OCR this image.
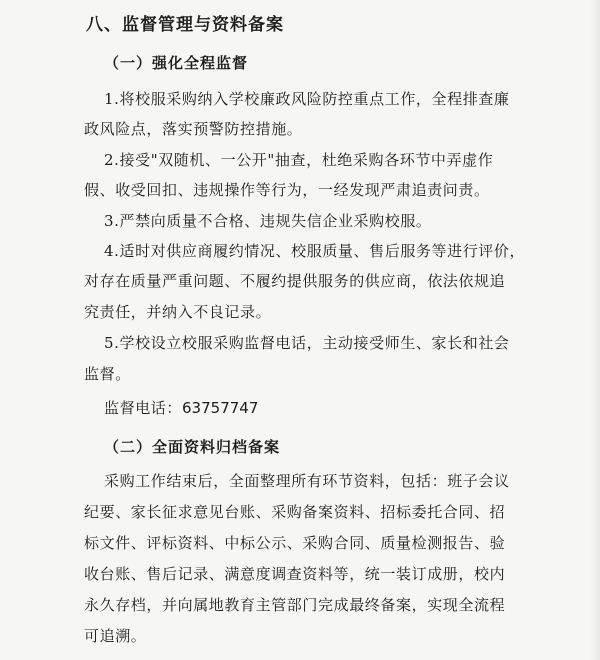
八、监督管理与资料备案
（一）强化全程监督
1.将校服采购纳入学校廉政风险防控重点工作，全程排查廉
政风险点，落实预警防控措施。
2.接受"双随机、一公开"抽查，杜绝采购各环节中弄虚作
假、收受回扣、违规操作等行为，一经发现严肃追责问责。
3.严禁向质量不合格、违规失信企业采购校服。
4.适时对供应商履约情况、校服质量、售后服务等进行评价，
对存在质量严重问题、不履约提供服务的供应商，依法依规追
究责任，并纳入不良记录。
5.学校设立校服采购监督电话，主动接受师生、家长和社会
监督。
监督电话：63757747
（二）全面资料归档备案
采购工作结束后，全面整理所有环节资料，包括：班子会议
纪要、家长征求意见台账、采购备案资料、招标委托合同、招
标文件、评标资料、中标公示、采购合同、质量检测报告、验
收台账、售后记录、满意度调查资料等，统一装订成册，校内
永久存档，并向属地教育主管部门完成最终备案，实现全流程
可追溯。
